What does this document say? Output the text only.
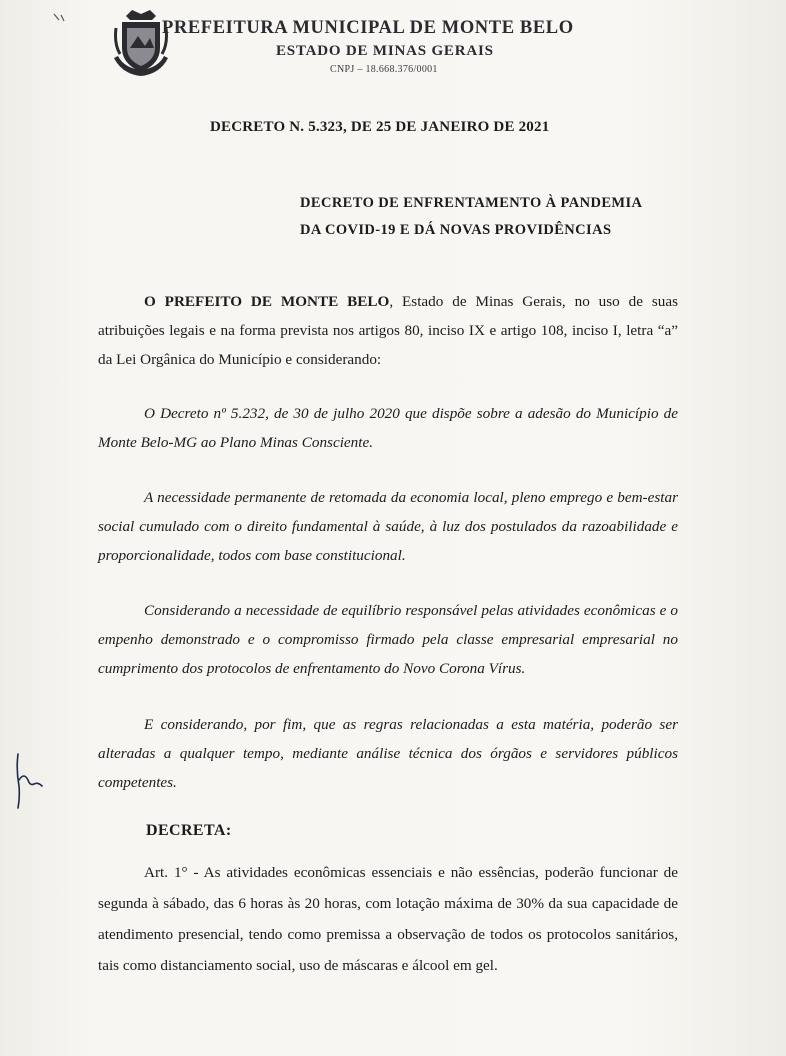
PREFEITURA MUNICIPAL DE MONTE BELO
ESTADO DE MINAS GERAIS
CNPJ – 18.668.376/0001
DECRETO N. 5.323, DE 25 DE JANEIRO DE 2021
DECRETO DE ENFRENTAMENTO À PANDEMIA
DA COVID-19 E DÁ NOVAS PROVIDÊNCIAS
O PREFEITO DE MONTE BELO, Estado de Minas Gerais, no uso de suas atribuições legais e na forma prevista nos artigos 80, inciso IX e artigo 108, inciso I, letra “a” da Lei Orgânica do Município e considerando:
O Decreto nº 5.232, de 30 de julho 2020 que dispõe sobre a adesão do Município de Monte Belo-MG ao Plano Minas Consciente.
A necessidade permanente de retomada da economia local, pleno emprego e bem-estar social cumulado com o direito fundamental à saúde, à luz dos postulados da razoabilidade e proporcionalidade, todos com base constitucional.
Considerando a necessidade de equilíbrio responsável pelas atividades econômicas e o empenho demonstrado e o compromisso firmado pela classe empresarial empresarial no cumprimento dos protocolos de enfrentamento do Novo Corona Vírus.
E considerando, por fim, que as regras relacionadas a esta matéria, poderão ser alteradas a qualquer tempo, mediante análise técnica dos órgãos e servidores públicos competentes.
DECRETA:
Art. 1° - As atividades econômicas essenciais e não essências, poderão funcionar de segunda à sábado, das 6 horas às 20 horas, com lotação máxima de 30% da sua capacidade de atendimento presencial, tendo como premissa a observação de todos os protocolos sanitários, tais como distanciamento social, uso de máscaras e álcool em gel.
